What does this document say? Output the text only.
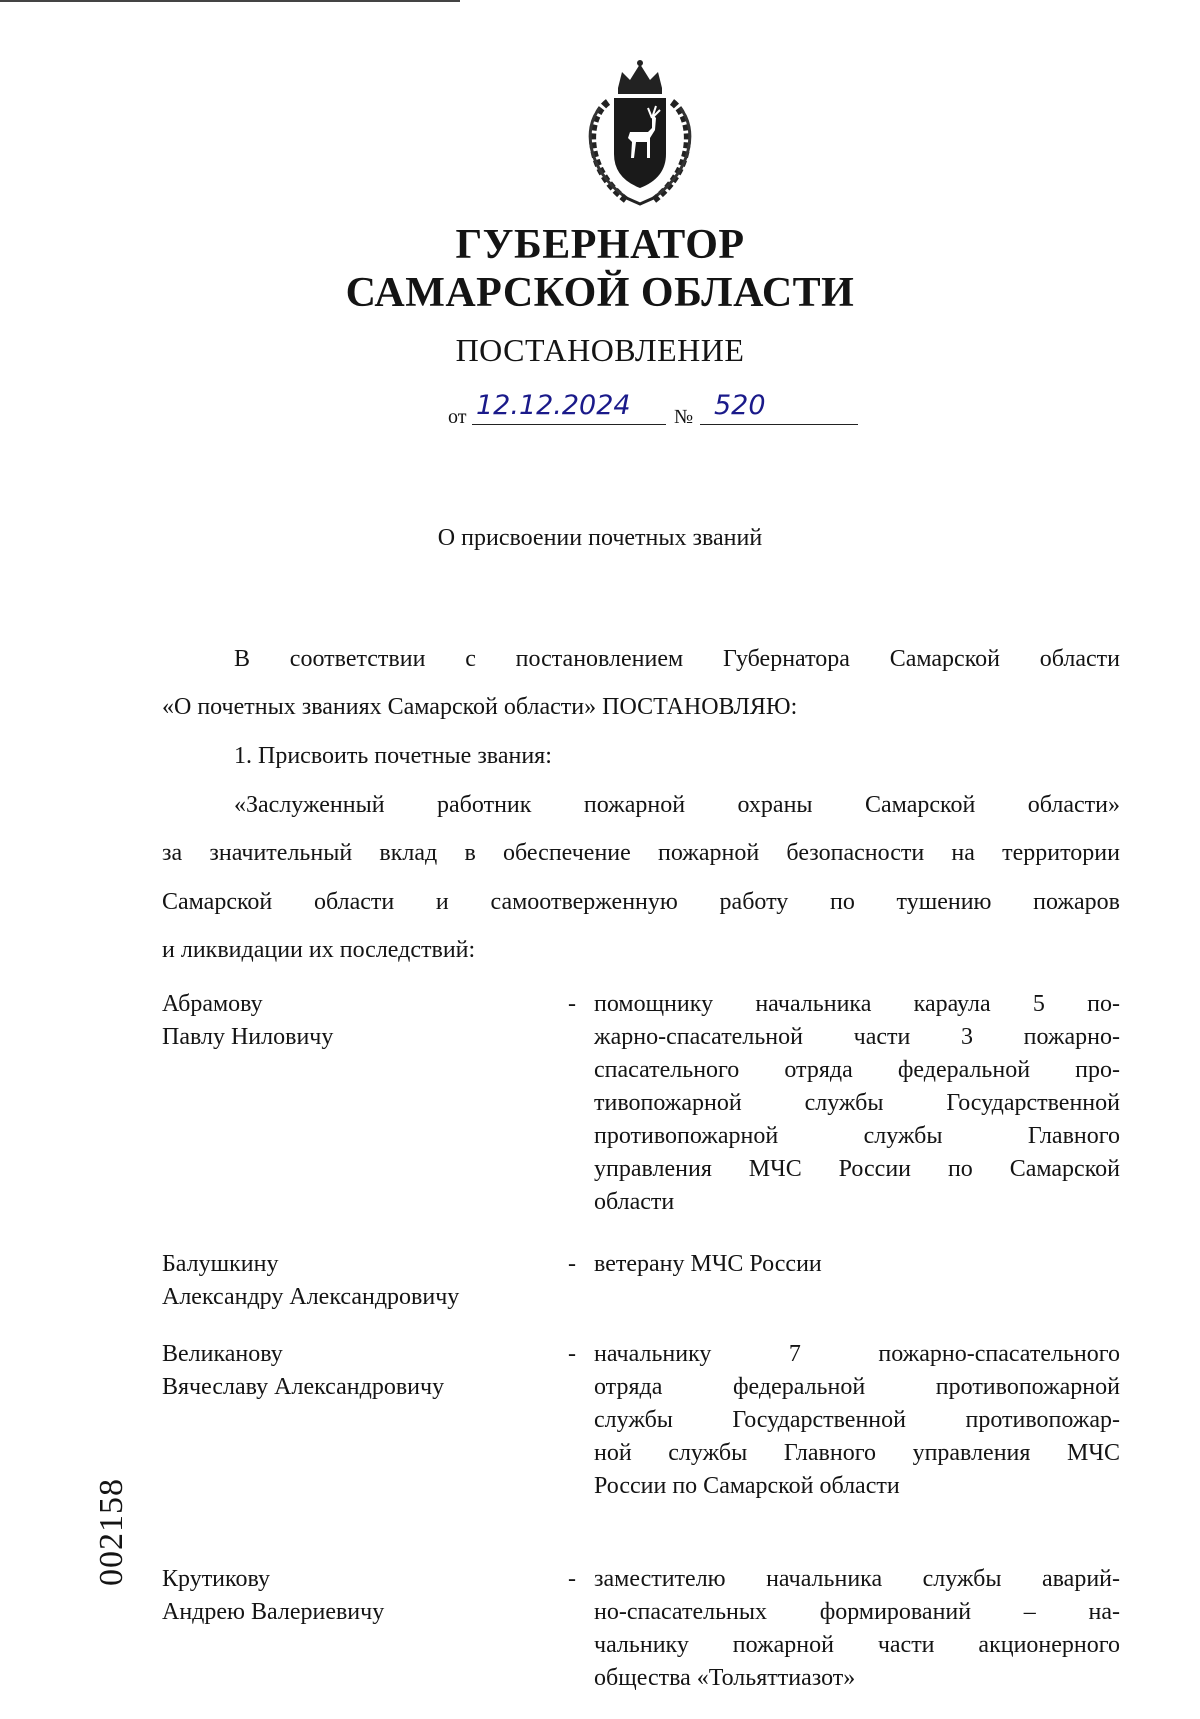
ГУБЕРНАТОР
САМАРСКОЙ ОБЛАСТИ
ПОСТАНОВЛЕНИЕ
от 12.12.2024	№ 520
О присвоении почетных званий
В соответствии с постановлением Губернатора Самарской области
«О почетных званиях Самарской области» ПОСТАНОВЛЯЮ:
1. Присвоить почетные звания:
«Заслуженный работник пожарной охраны Самарской области»
за значительный вклад в обеспечение пожарной безопасности на территории
Самарской области и самоотверженную работу по тушению пожаров
и ликвидации их последствий:
Абрамову
Павлу Ниловичу
- помощнику начальника караула 5 по-
жарно-спасательной части 3 пожарно-
спасательного отряда федеральной про-
тивопожарной службы Государственной
противопожарной службы Главного
управления МЧС России по Самарской
области
Балушкину
Александру Александровичу
- ветерану МЧС России
Великанову
Вячеславу Александровичу
- начальнику 7 пожарно-спасательного
отряда федеральной противопожарной
службы Государственной противопожар-
ной службы Главного управления МЧС
России по Самарской области
Крутикову
Андрею Валериевичу
- заместителю начальника службы аварий-
но-спасательных формирований – на-
чальнику пожарной части акционерного
общества «Тольяттиазот»
002158
